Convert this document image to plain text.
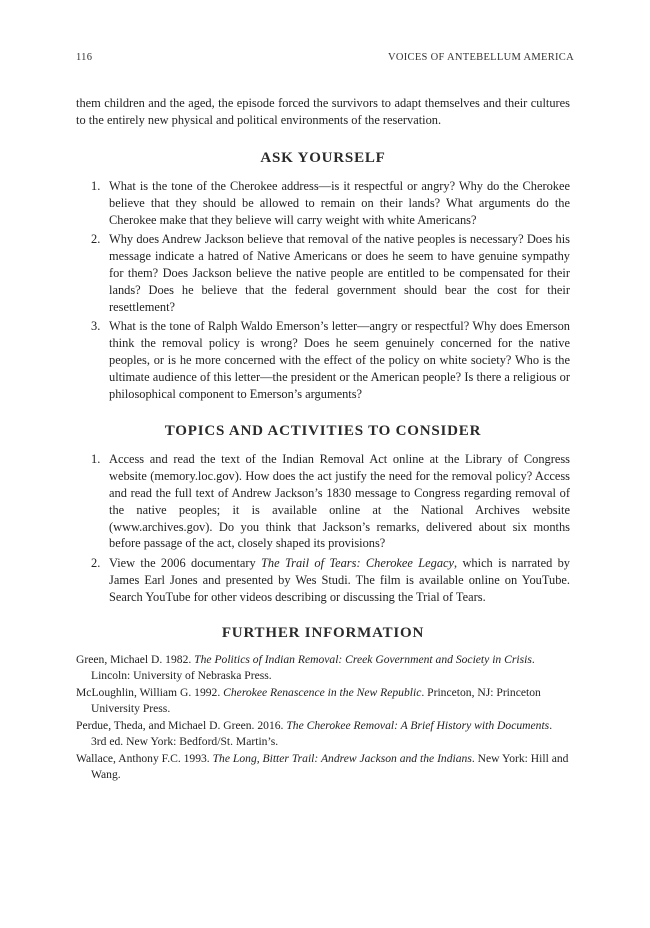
116	VOICES OF ANTEBELLUM AMERICA

them children and the aged, the episode forced the survivors to adapt themselves and their cultures to the entirely new physical and political environments of the reservation.

ASK YOURSELF
1. What is the tone of the Cherokee address—is it respectful or angry? Why do the Cherokee believe that they should be allowed to remain on their lands? What arguments do the Cherokee make that they believe will carry weight with white Americans?
2. Why does Andrew Jackson believe that removal of the native peoples is necessary? Does his message indicate a hatred of Native Americans or does he seem to have genuine sympathy for them? Does Jackson believe the native people are entitled to be compensated for their lands? Does he believe that the federal government should bear the cost for their resettlement?
3. What is the tone of Ralph Waldo Emerson’s letter—angry or respectful? Why does Emerson think the removal policy is wrong? Does he seem genuinely concerned for the native peoples, or is he more concerned with the effect of the policy on white society? Who is the ultimate audience of this letter—the president or the American people? Is there a religious or philosophical component to Emerson’s arguments?
TOPICS AND ACTIVITIES TO CONSIDER
1. Access and read the text of the Indian Removal Act online at the Library of Congress website (memory.loc.gov). How does the act justify the need for the removal policy? Access and read the full text of Andrew Jackson’s 1830 message to Congress regarding removal of the native peoples; it is available online at the National Archives website (www.archives.gov). Do you think that Jackson’s remarks, delivered about six months before passage of the act, closely shaped its provisions?
2. View the 2006 documentary The Trail of Tears: Cherokee Legacy, which is narrated by James Earl Jones and presented by Wes Studi. The film is available online on YouTube. Search YouTube for other videos describing or discussing the Trial of Tears.
FURTHER INFORMATION

Green, Michael D. 1982. The Politics of Indian Removal: Creek Government and Society in Crisis. Lincoln: University of Nebraska Press.

McLoughlin, William G. 1992. Cherokee Renascence in the New Republic. Princeton, NJ: Princeton University Press.

Perdue, Theda, and Michael D. Green. 2016. The Cherokee Removal: A Brief History with Documents. 3rd ed. New York: Bedford/St. Martin’s.

Wallace, Anthony F.C. 1993. The Long, Bitter Trail: Andrew Jackson and the Indians. New York: Hill and Wang.
